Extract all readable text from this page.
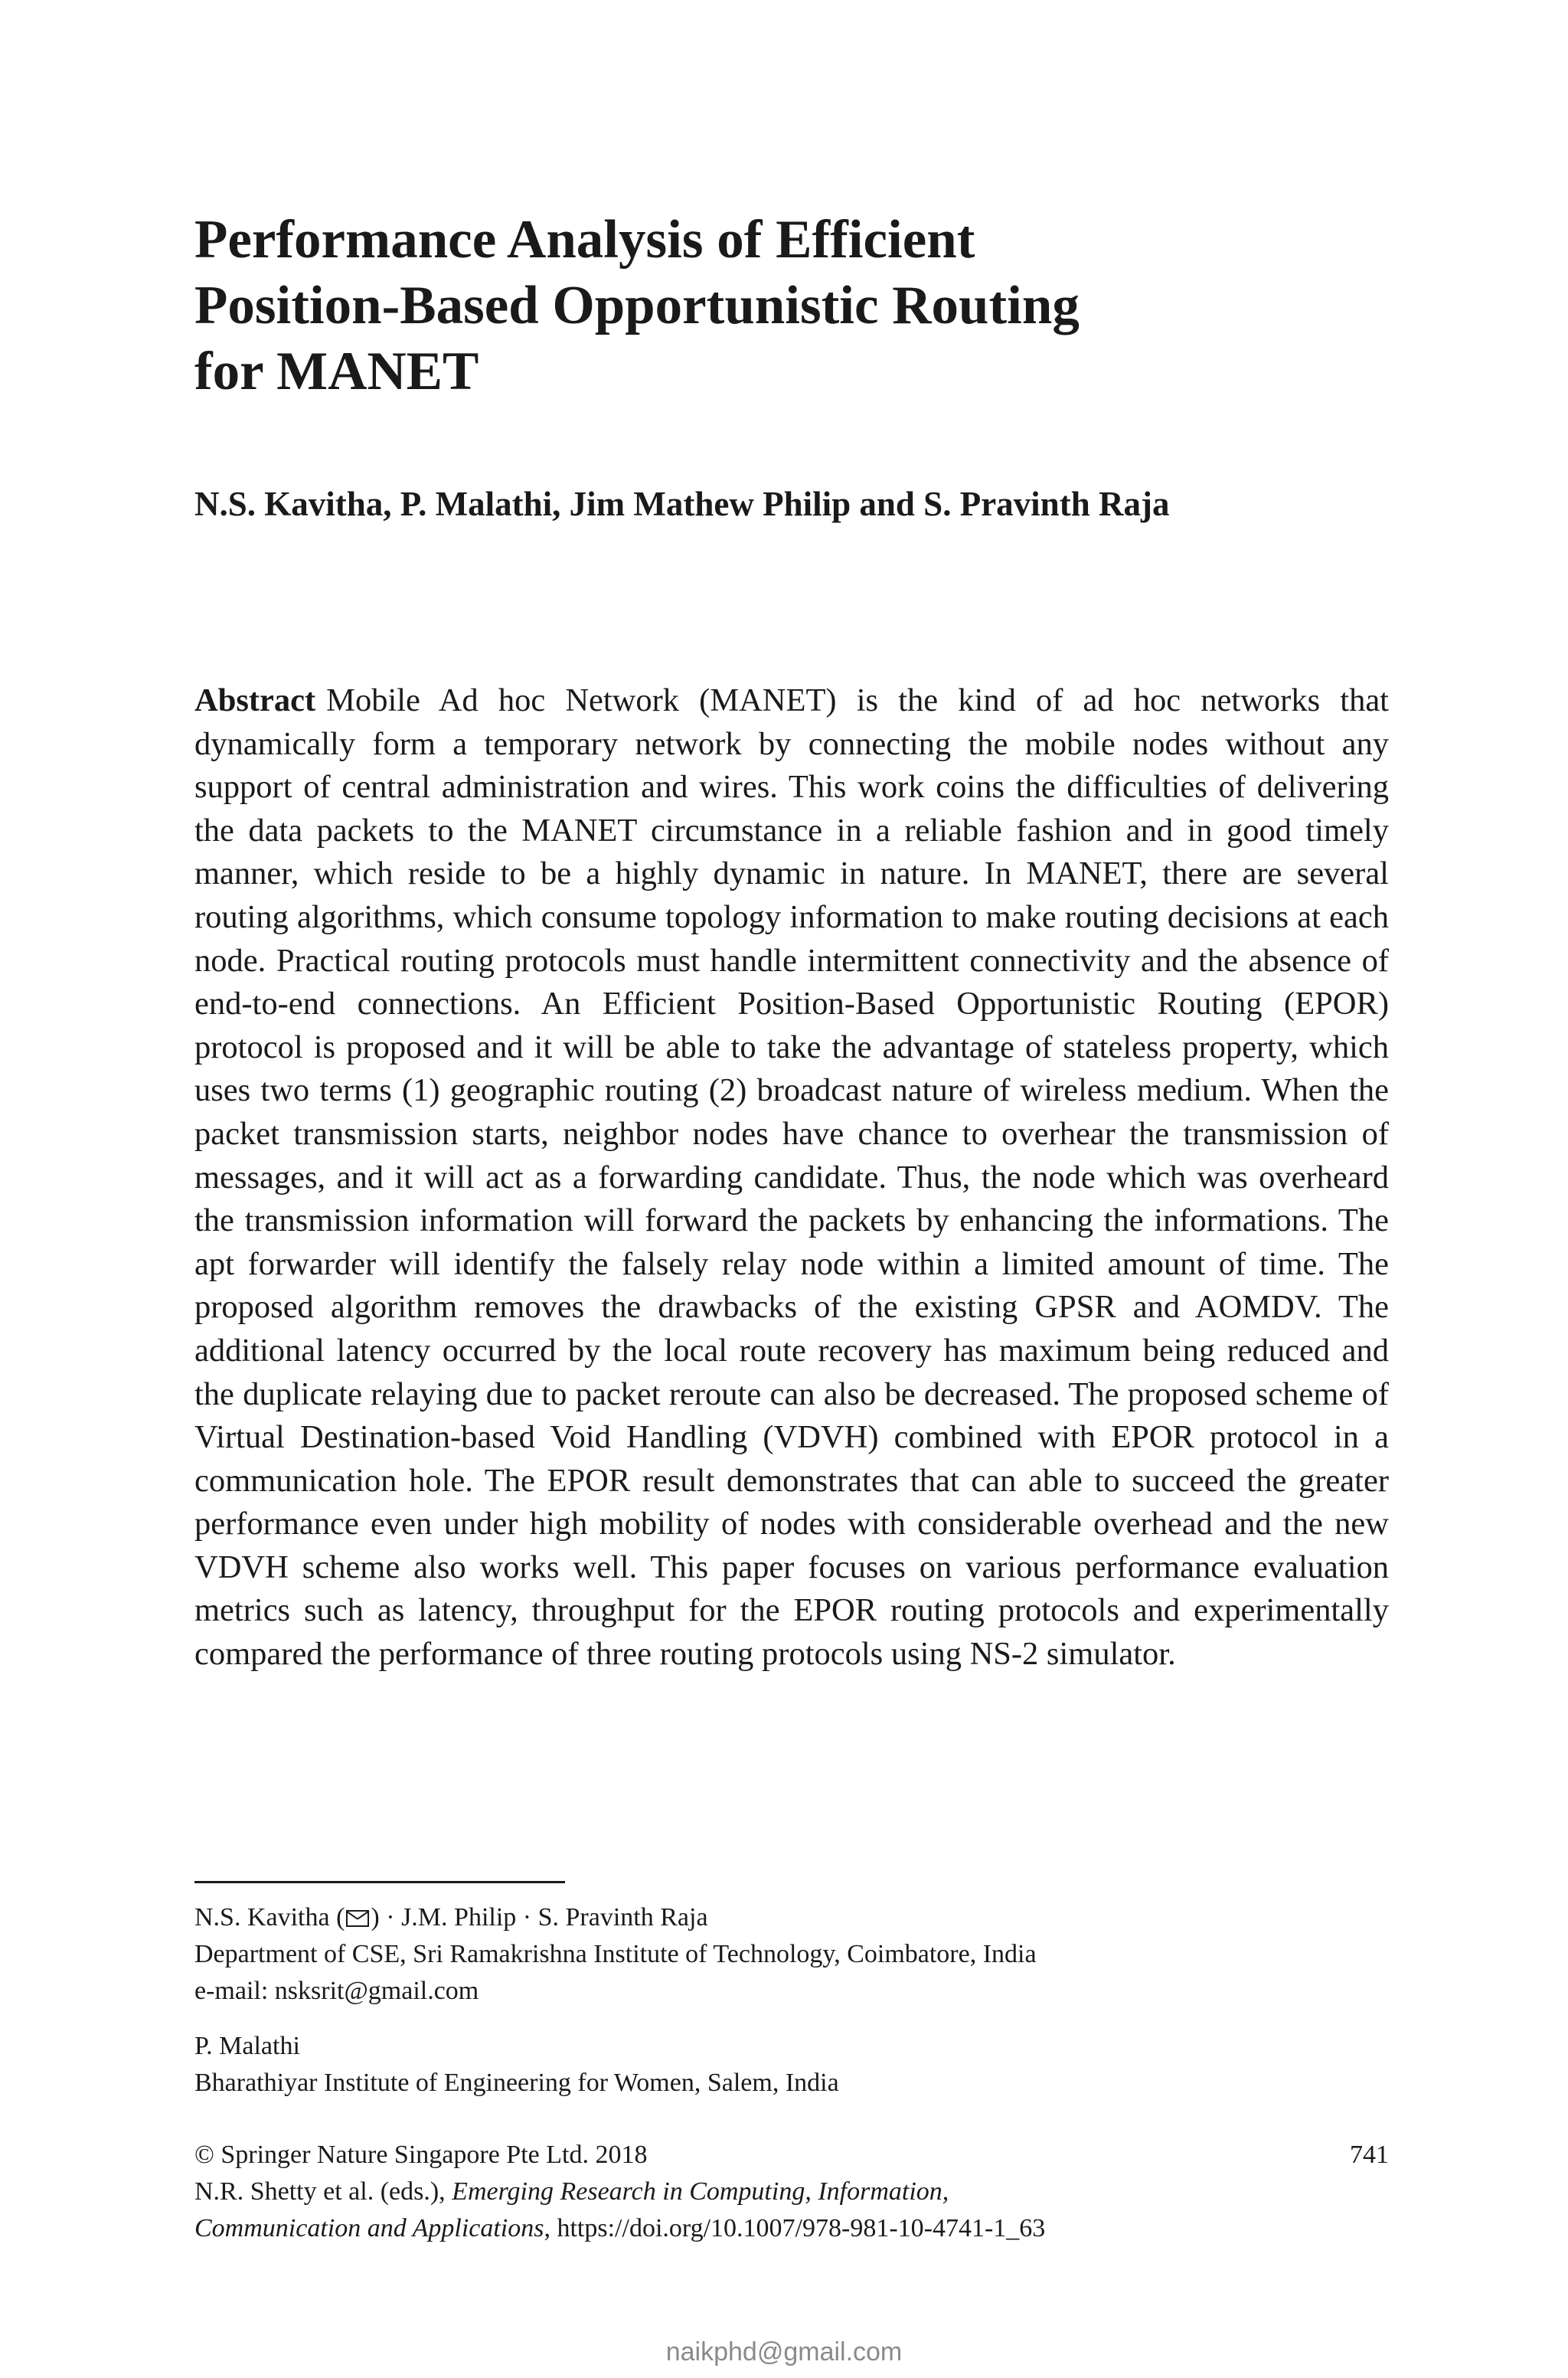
Performance Analysis of Efficient
Position-Based Opportunistic Routing
for MANET

N.S. Kavitha, P. Malathi, Jim Mathew Philip and S. Pravinth Raja

Abstract Mobile Ad hoc Network (MANET) is the kind of ad hoc networks that dynamically form a temporary network by connecting the mobile nodes without any support of central administration and wires. This work coins the difficulties of delivering the data packets to the MANET circumstance in a reliable fashion and in good timely manner, which reside to be a highly dynamic in nature. In MANET, there are several routing algorithms, which consume topology information to make routing decisions at each node. Practical routing protocols must handle intermittent connectivity and the absence of end-to-end connections. An Efficient Position-Based Opportunistic Routing (EPOR) protocol is proposed and it will be able to take the advantage of stateless property, which uses two terms (1) geographic routing (2) broadcast nature of wireless medium. When the packet transmission starts, neighbor nodes have chance to overhear the transmission of messages, and it will act as a forwarding candidate. Thus, the node which was overheard the transmission information will forward the packets by enhancing the informations. The apt forwarder will identify the falsely relay node within a limited amount of time. The proposed algorithm removes the drawbacks of the existing GPSR and AOMDV. The additional latency occurred by the local route recovery has maximum being reduced and the duplicate relaying due to packet reroute can also be decreased. The proposed scheme of Virtual Destination-based Void Handling (VDVH) combined with EPOR protocol in a communication hole. The EPOR result demonstrates that can able to succeed the greater performance even under high mobility of nodes with considerable overhead and the new VDVH scheme also works well. This paper focuses on various performance evaluation metrics such as latency, throughput for the EPOR routing protocols and experimentally compared the performance of three routing protocols using NS-2 simulator.

N.S. Kavitha ( ) · J.M. Philip · S. Pravinth Raja
Department of CSE, Sri Ramakrishna Institute of Technology, Coimbatore, India
e-mail: nsksrit@gmail.com
P. Malathi
Bharathiyar Institute of Engineering for Women, Salem, India
© Springer Nature Singapore Pte Ltd. 2018	741
N.R. Shetty et al. (eds.), Emerging Research in Computing, Information,
Communication and Applications, https://doi.org/10.1007/978-981-10-4741-1_63
naikphd@gmail.com
